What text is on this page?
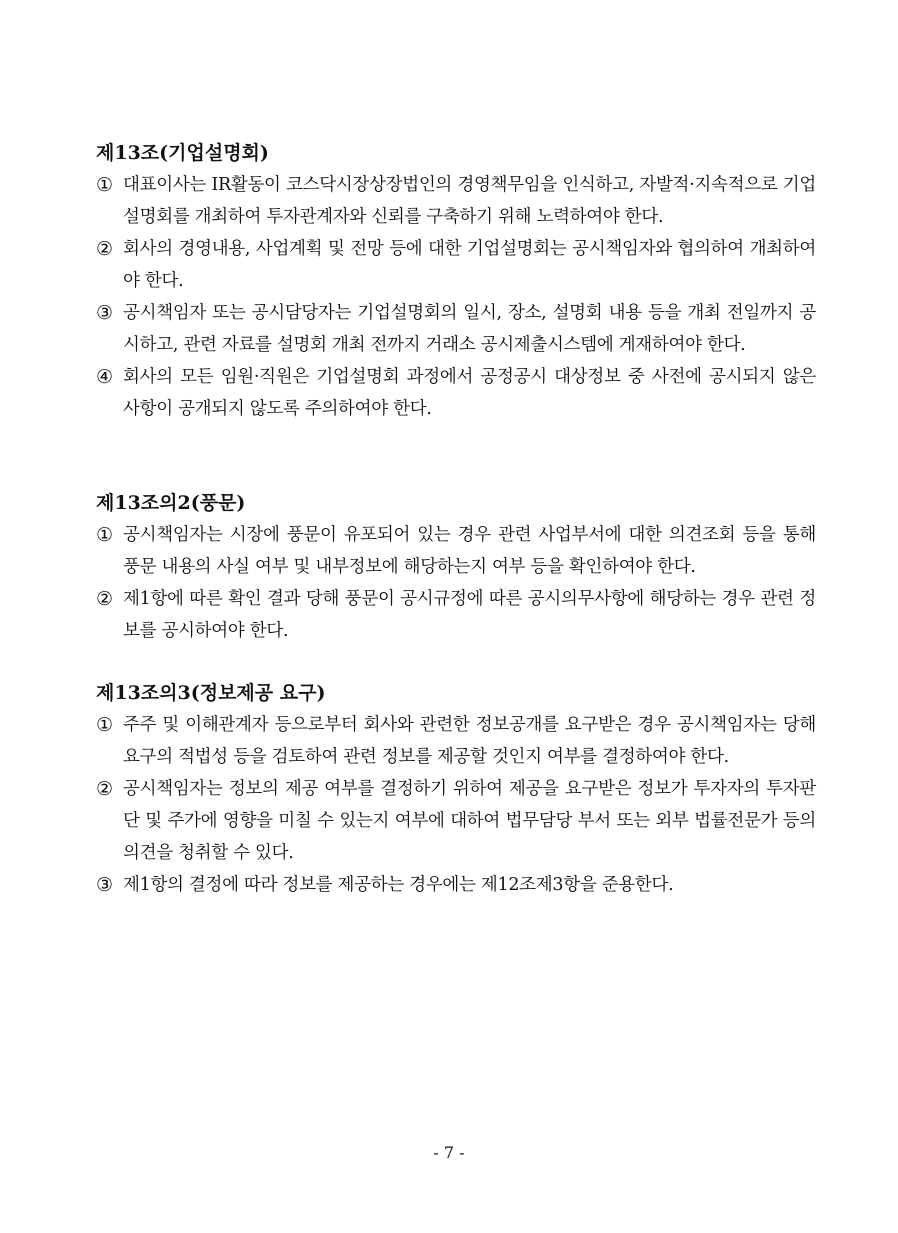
제13조(기업설명회)
① 대표이사는 IR활동이 코스닥시장상장법인의 경영책무임을 인식하고, 자발적·지속적으로 기업설명회를 개최하여 투자관계자와 신뢰를 구축하기 위해 노력하여야 한다.
② 회사의 경영내용, 사업계획 및 전망 등에 대한 기업설명회는 공시책임자와 협의하여 개최하여야 한다.
③ 공시책임자 또는 공시담당자는 기업설명회의 일시, 장소, 설명회 내용 등을 개최 전일까지 공시하고, 관련 자료를 설명회 개최 전까지 거래소 공시제출시스템에 게재하여야 한다.
④ 회사의 모든 임원·직원은 기업설명회 과정에서 공정공시 대상정보 중 사전에 공시되지 않은 사항이 공개되지 않도록 주의하여야 한다.
제13조의2(풍문)
① 공시책임자는 시장에 풍문이 유포되어 있는 경우 관련 사업부서에 대한 의견조회 등을 통해 풍문 내용의 사실 여부 및 내부정보에 해당하는지 여부 등을 확인하여야 한다.
② 제1항에 따른 확인 결과 당해 풍문이 공시규정에 따른 공시의무사항에 해당하는 경우 관련 정보를 공시하여야 한다.
제13조의3(정보제공 요구)
① 주주 및 이해관계자 등으로부터 회사와 관련한 정보공개를 요구받은 경우 공시책임자는 당해 요구의 적법성 등을 검토하여 관련 정보를 제공할 것인지 여부를 결정하여야 한다.
② 공시책임자는 정보의 제공 여부를 결정하기 위하여 제공을 요구받은 정보가 투자자의 투자판단 및 주가에 영향을 미칠 수 있는지 여부에 대하여 법무담당 부서 또는 외부 법률전문가 등의 의견을 청취할 수 있다.
③ 제1항의 결정에 따라 정보를 제공하는 경우에는 제12조제3항을 준용한다.
- 7 -
